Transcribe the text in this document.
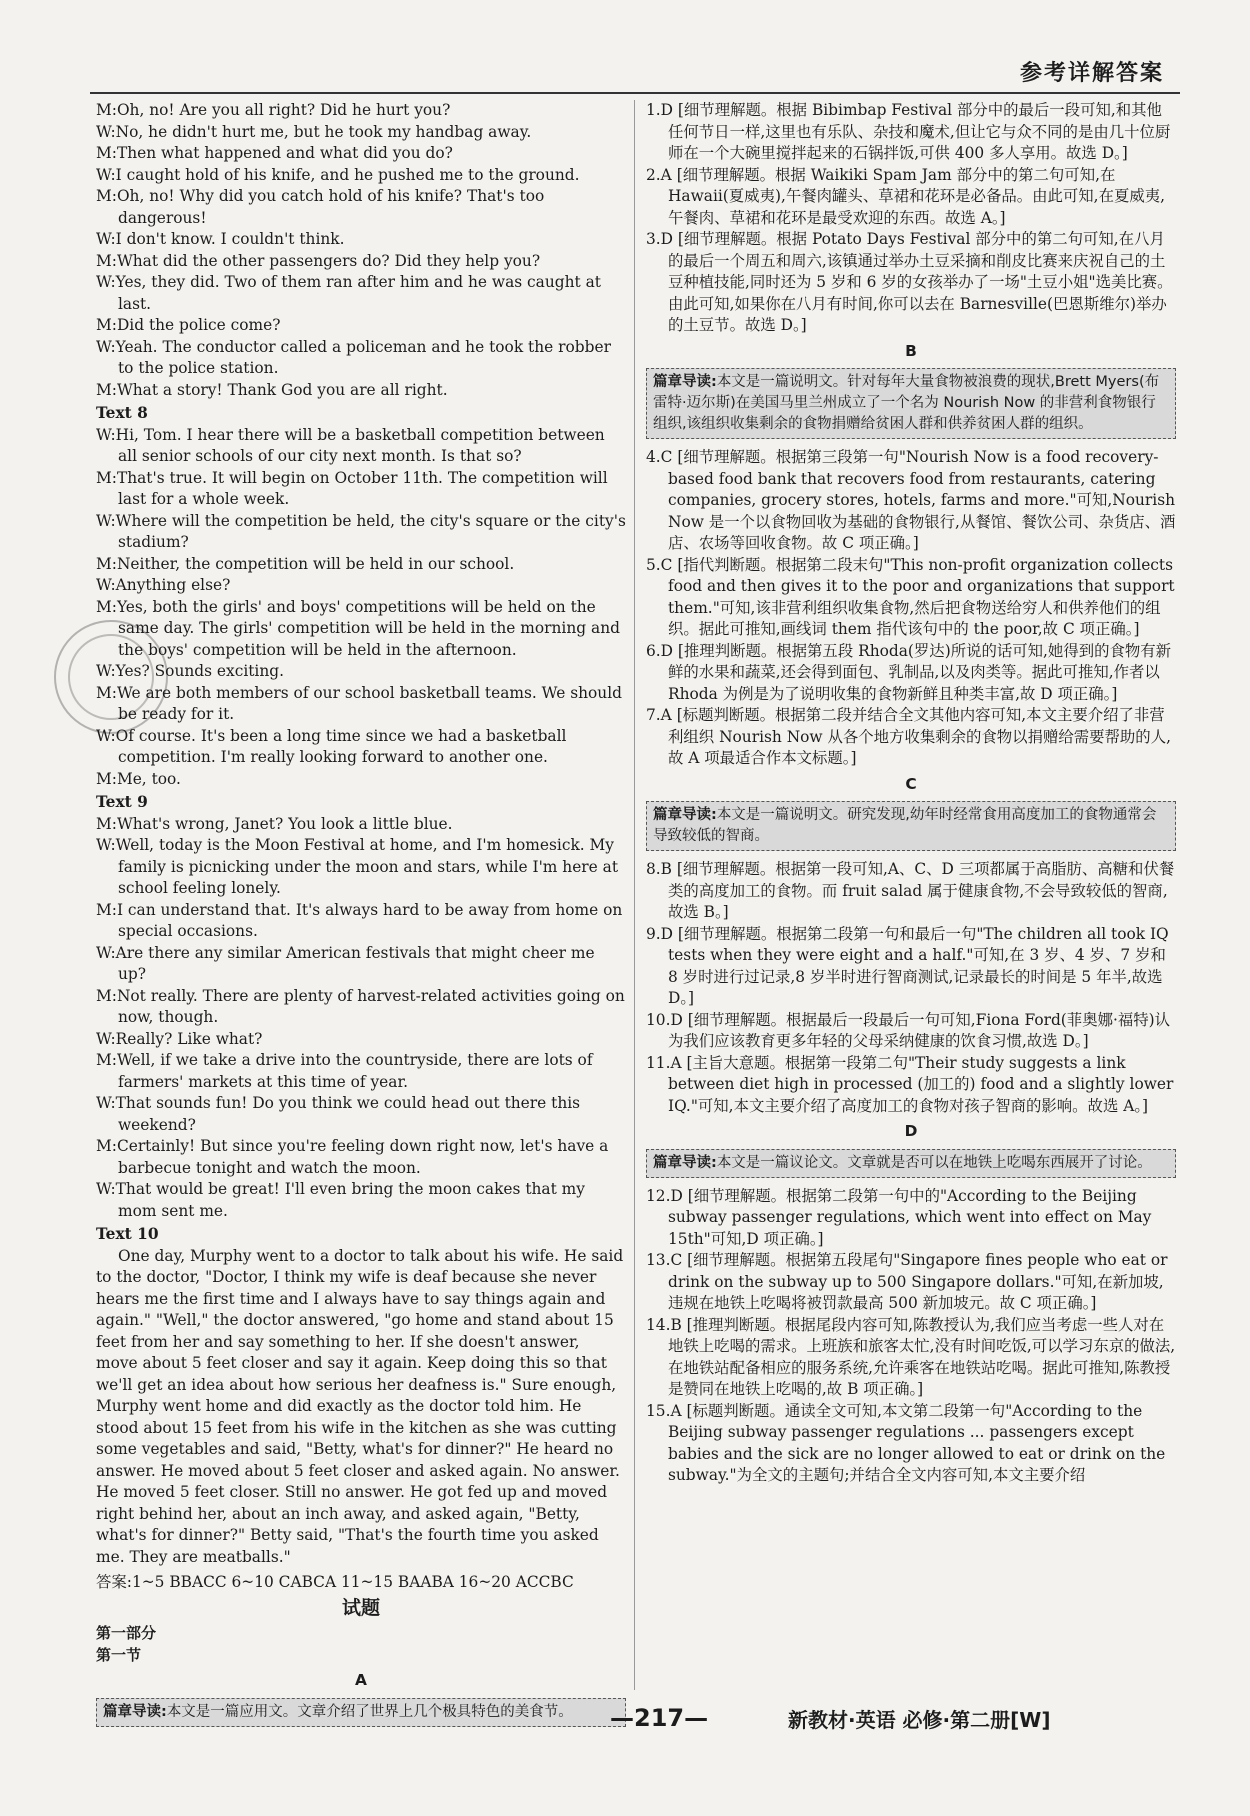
参考详解答案

M:Oh, no! Are you all right? Did he hurt you?

W:No, he didn't hurt me, but he took my handbag away.

M:Then what happened and what did you do?

W:I caught hold of his knife, and he pushed me to the ground.

M:Oh, no! Why did you catch hold of his knife? That's too dangerous!

W:I don't know. I couldn't think.

M:What did the other passengers do? Did they help you?

W:Yes, they did. Two of them ran after him and he was caught at last.

M:Did the police come?

W:Yeah. The conductor called a policeman and he took the robber to the police station.

M:What a story! Thank God you are all right.

Text 8

W:Hi, Tom. I hear there will be a basketball competition between all senior schools of our city next month. Is that so?

M:That's true. It will begin on October 11th. The competition will last for a whole week.

W:Where will the competition be held, the city's square or the city's stadium?

M:Neither, the competition will be held in our school.

W:Anything else?

M:Yes, both the girls' and boys' competitions will be held on the same day. The girls' competition will be held in the morning and the boys' competition will be held in the afternoon.

W:Yes? Sounds exciting.

M:We are both members of our school basketball teams. We should be ready for it.

W:Of course. It's been a long time since we had a basketball competition. I'm really looking forward to another one.

M:Me, too.

Text 9

M:What's wrong, Janet? You look a little blue.

W:Well, today is the Moon Festival at home, and I'm homesick. My family is picnicking under the moon and stars, while I'm here at school feeling lonely.

M:I can understand that. It's always hard to be away from home on special occasions.

W:Are there any similar American festivals that might cheer me up?

M:Not really. There are plenty of harvest-related activities going on now, though.

W:Really? Like what?

M:Well, if we take a drive into the countryside, there are lots of farmers' markets at this time of year.

W:That sounds fun! Do you think we could head out there this weekend?

M:Certainly! But since you're feeling down right now, let's have a barbecue tonight and watch the moon.

W:That would be great! I'll even bring the moon cakes that my mom sent me.

Text 10

One day, Murphy went to a doctor to talk about his wife. He said to the doctor, "Doctor, I think my wife is deaf because she never hears me the first time and I always have to say things again and again." "Well," the doctor answered, "go home and stand about 15 feet from her and say something to her. If she doesn't answer, move about 5 feet closer and say it again. Keep doing this so that we'll get an idea about how serious her deafness is." Sure enough, Murphy went home and did exactly as the doctor told him. He stood about 15 feet from his wife in the kitchen as she was cutting some vegetables and said, "Betty, what's for dinner?" He heard no answer. He moved about 5 feet closer and asked again. No answer. He moved 5 feet closer. Still no answer. He got fed up and moved right behind her, about an inch away, and asked again, "Betty, what's for dinner?" Betty said, "That's the fourth time you asked me. They are meatballs."

答案:1~5 BBACC 6~10 CABCA 11~15 BAABA 16~20 ACCBC

试题

第一部分

第一节

A

篇章导读:本文是一篇应用文。文章介绍了世界上几个极具特色的美食节。

1.D [细节理解题。根据 Bibimbap Festival 部分中的最后一段可知,和其他任何节日一样,这里也有乐队、杂技和魔术,但让它与众不同的是由几十位厨师在一个大碗里搅拌起来的石锅拌饭,可供 400 多人享用。故选 D。]

2.A [细节理解题。根据 Waikiki Spam Jam 部分中的第二句可知,在 Hawaii(夏威夷),午餐肉罐头、草裙和花环是必备品。由此可知,在夏威夷,午餐肉、草裙和花环是最受欢迎的东西。故选 A。]

3.D [细节理解题。根据 Potato Days Festival 部分中的第二句可知,在八月的最后一个周五和周六,该镇通过举办土豆采摘和削皮比赛来庆祝自己的土豆种植技能,同时还为 5 岁和 6 岁的女孩举办了一场"土豆小姐"选美比赛。由此可知,如果你在八月有时间,你可以去在 Barnesville(巴恩斯维尔)举办的土豆节。故选 D。]

B

篇章导读:本文是一篇说明文。针对每年大量食物被浪费的现状,Brett Myers(布雷特·迈尔斯)在美国马里兰州成立了一个名为 Nourish Now 的非营利食物银行组织,该组织收集剩余的食物捐赠给贫困人群和供养贫困人群的组织。

4.C [细节理解题。根据第三段第一句"Nourish Now is a food recovery-based food bank that recovers food from restaurants, catering companies, grocery stores, hotels, farms and more."可知,Nourish Now 是一个以食物回收为基础的食物银行,从餐馆、餐饮公司、杂货店、酒店、农场等回收食物。故 C 项正确。]

5.C [指代判断题。根据第二段末句"This non-profit organization collects food and then gives it to the poor and organizations that support them."可知,该非营利组织收集食物,然后把食物送给穷人和供养他们的组织。据此可推知,画线词 them 指代该句中的 the poor,故 C 项正确。]

6.D [推理判断题。根据第五段 Rhoda(罗达)所说的话可知,她得到的食物有新鲜的水果和蔬菜,还会得到面包、乳制品,以及肉类等。据此可推知,作者以 Rhoda 为例是为了说明收集的食物新鲜且种类丰富,故 D 项正确。]

7.A [标题判断题。根据第二段并结合全文其他内容可知,本文主要介绍了非营利组织 Nourish Now 从各个地方收集剩余的食物以捐赠给需要帮助的人,故 A 项最适合作本文标题。]

C

篇章导读:本文是一篇说明文。研究发现,幼年时经常食用高度加工的食物通常会导致较低的智商。

8.B [细节理解题。根据第一段可知,A、C、D 三项都属于高脂肪、高糖和伏餐类的高度加工的食物。而 fruit salad 属于健康食物,不会导致较低的智商,故选 B。]

9.D [细节理解题。根据第二段第一句和最后一句"The children all took IQ tests when they were eight and a half."可知,在 3 岁、4 岁、7 岁和 8 岁时进行过记录,8 岁半时进行智商测试,记录最长的时间是 5 年半,故选 D。]

10.D [细节理解题。根据最后一段最后一句可知,Fiona Ford(菲奥娜·福特)认为我们应该教育更多年轻的父母采纳健康的饮食习惯,故选 D。]

11.A [主旨大意题。根据第一段第二句"Their study suggests a link between diet high in processed (加工的) food and a slightly lower IQ."可知,本文主要介绍了高度加工的食物对孩子智商的影响。故选 A。]

D

篇章导读:本文是一篇议论文。文章就是否可以在地铁上吃喝东西展开了讨论。

12.D [细节理解题。根据第二段第一句中的"According to the Beijing subway passenger regulations, which went into effect on May 15th"可知,D 项正确。]

13.C [细节理解题。根据第五段尾句"Singapore fines people who eat or drink on the subway up to 500 Singapore dollars."可知,在新加坡,违规在地铁上吃喝将被罚款最高 500 新加坡元。故 C 项正确。]

14.B [推理判断题。根据尾段内容可知,陈教授认为,我们应当考虑一些人对在地铁上吃喝的需求。上班族和旅客太忙,没有时间吃饭,可以学习东京的做法,在地铁站配备相应的服务系统,允许乘客在地铁站吃喝。据此可推知,陈教授是赞同在地铁上吃喝的,故 B 项正确。]

15.A [标题判断题。通读全文可知,本文第二段第一句"According to the Beijing subway passenger regulations ... passengers except babies and the sick are no longer allowed to eat or drink on the subway."为全文的主题句;并结合全文内容可知,本文主要介绍

—217—	新教材·英语 必修·第二册[W]
